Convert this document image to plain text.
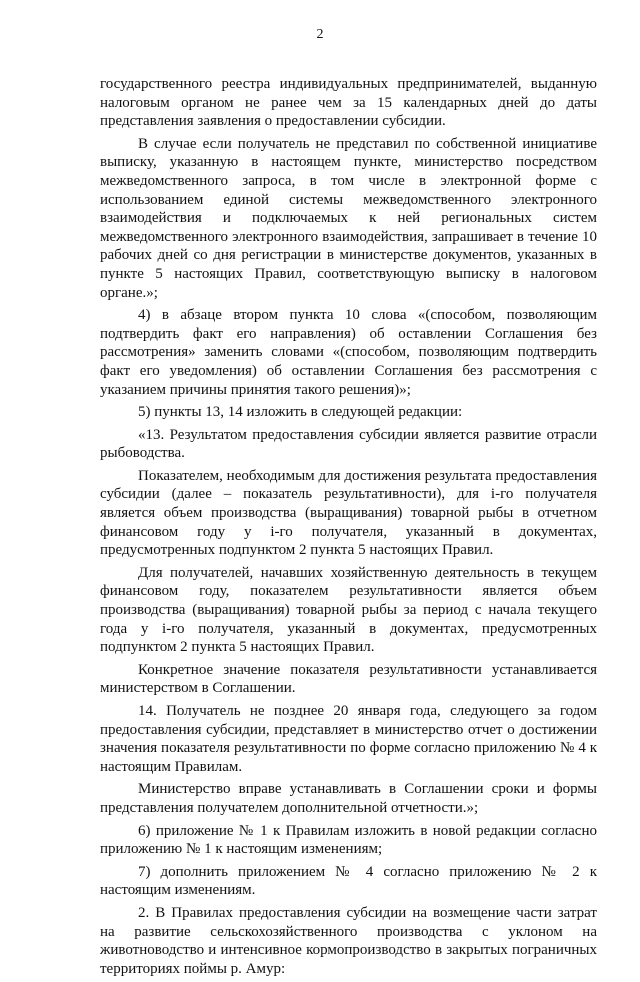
2

государственного реестра индивидуальных предпринимателей, выданную налоговым органом не ранее чем за 15 календарных дней до даты представления заявления о предоставлении субсидии.

В случае если получатель не представил по собственной инициативе выписку, указанную в настоящем пункте, министерство посредством межведомственного запроса, в том числе в электронной форме с использованием единой системы межведомственного электронного взаимодействия и подключаемых к ней региональных систем межведомственного электронного взаимодействия, запрашивает в течение 10 рабочих дней со дня регистрации в министерстве документов, указанных в пункте 5 настоящих Правил, соответствующую выписку в налоговом органе.»;

4) в абзаце втором пункта 10 слова «(способом, позволяющим подтвердить факт его направления) об оставлении Соглашения без рассмотрения» заменить словами «(способом, позволяющим подтвердить факт его уведомления) об оставлении Соглашения без рассмотрения с указанием причины принятия такого решения)»;

5) пункты 13, 14 изложить в следующей редакции:

«13. Результатом предоставления субсидии является развитие отрасли рыбоводства.

Показателем, необходимым для достижения результата предоставления субсидии (далее – показатель результативности), для i-го получателя является объем производства (выращивания) товарной рыбы в отчетном финансовом году у i-го получателя, указанный в документах, предусмотренных подпунктом 2 пункта 5 настоящих Правил.

Для получателей, начавших хозяйственную деятельность в текущем финансовом году, показателем результативности является объем производства (выращивания) товарной рыбы за период с начала текущего года у i-го получателя, указанный в документах, предусмотренных подпунктом 2 пункта 5 настоящих Правил.

Конкретное значение показателя результативности устанавливается министерством в Соглашении.

14. Получатель не позднее 20 января года, следующего за годом предоставления субсидии, представляет в министерство отчет о достижении значения показателя результативности по форме согласно приложению № 4 к настоящим Правилам.

Министерство вправе устанавливать в Соглашении сроки и формы представления получателем дополнительной отчетности.»;

6) приложение № 1 к Правилам изложить в новой редакции согласно приложению № 1 к настоящим изменениям;

7) дополнить приложением № 4 согласно приложению № 2 к настоящим изменениям.

2. В Правилах предоставления субсидии на возмещение части затрат на развитие сельскохозяйственного производства с уклоном на животноводство и интенсивное кормопроизводство в закрытых пограничных территориях поймы р. Амур:
